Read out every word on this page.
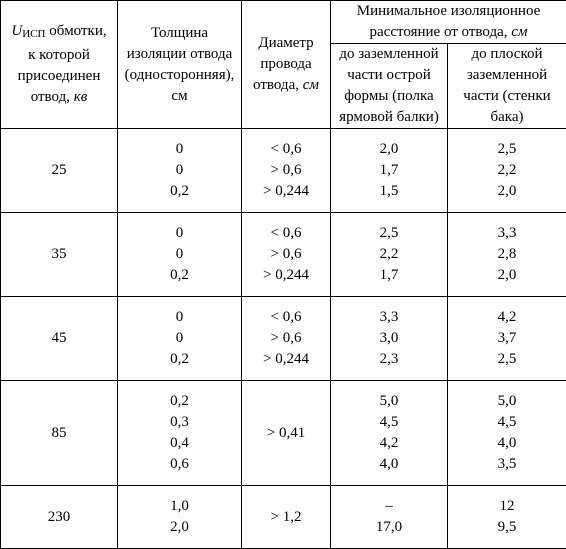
$U_{ИСП}$ обмотки,
к которой
присоединен
отвод, кв	Толщина
изоляции отвода
(односторонняя),
см	Диаметр
провода
отвода, см	Минимальное изоляционное
расстояние от отвода, см	

			до заземленной
части острой
формы (полка
ярмовой балки)	до плоской
заземленной
части (стенки
бака)

25	0
0
0,2	< 0,6
> 0,6
> 0,244	2,0
1,7
1,5	2,5
2,2
2,0

35	0
0
0,2	< 0,6
> 0,6
> 0,244	2,5
2,2
1,7	3,3
2,8
2,0

45	0
0
0,2	< 0,6
> 0,6
> 0,244	3,3
3,0
2,3	4,2
3,7
2,5

85	0,2
0,3
0,4
0,6	> 0,41	5,0
4,5
4,2
4,0	5,0
4,5
4,0
3,5

230	1,0
2,0	> 1,2	–
17,0	12
9,5
